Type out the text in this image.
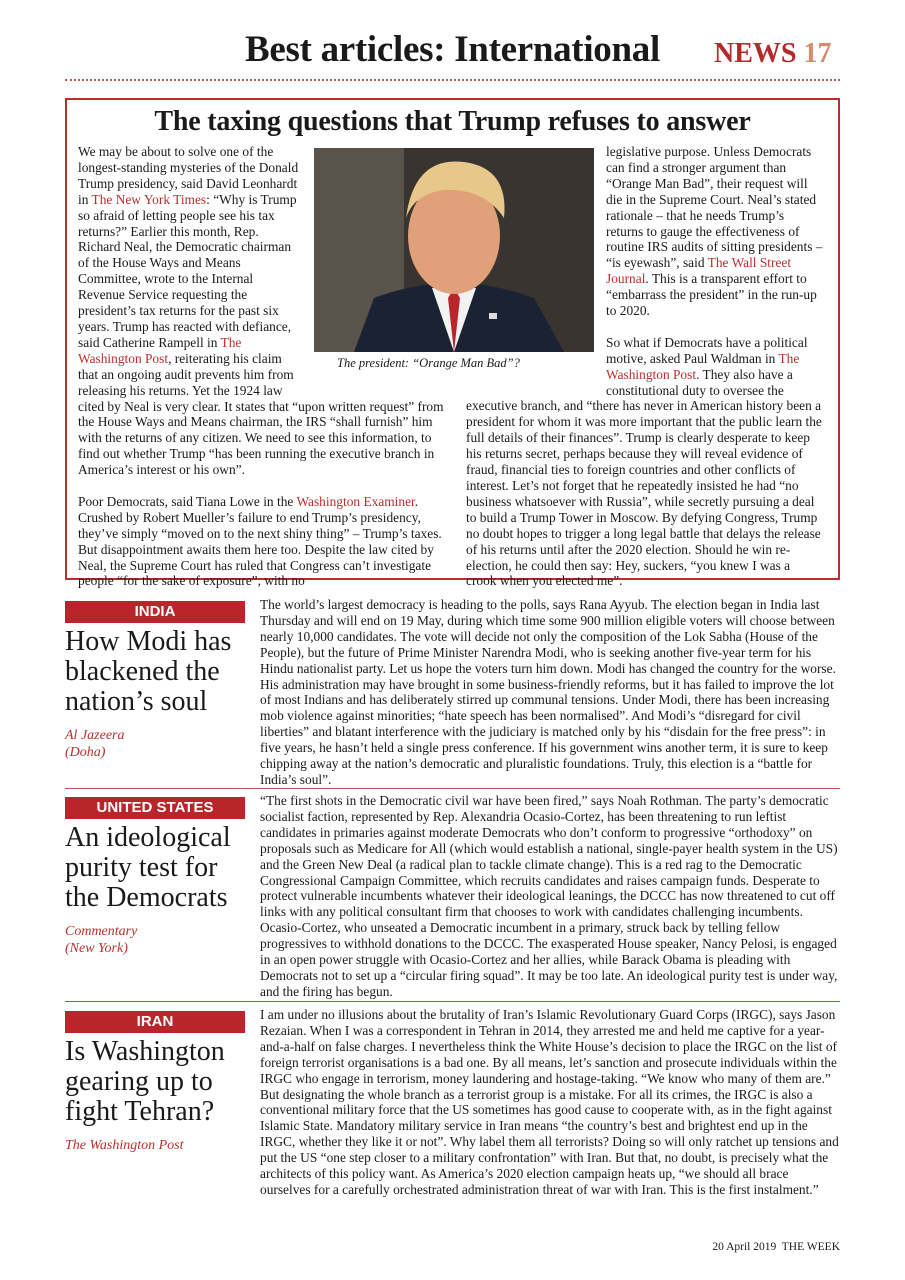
Best articles: International NEWS 17
The taxing questions that Trump refuses to answer

We may be about to solve one of the longest-standing mysteries of the Donald Trump presidency, said David Leonhardt in The New York Times: “Why is Trump so afraid of letting people see his tax returns?” Earlier this month, Rep. Richard Neal, the Democratic chairman of the House Ways and Means Committee, wrote to the Internal Revenue Service requesting the president’s tax returns for the past six years. Trump has reacted with defiance, said Catherine Rampell in The Washington Post, reiterating his claim that an ongoing audit prevents him from releasing his returns. Yet the 1924 law cited by Neal is very clear. It states that “upon written request” from the House Ways and Means chairman, the IRS “shall furnish” him with the returns of any citizen. We need to see this information, to find out whether Trump “has been running the executive branch in America’s interest or his own”.

Poor Democrats, said Tiana Lowe in the Washington Examiner. Crushed by Robert Mueller’s failure to end Trump’s presidency, they’ve simply “moved on to the next shiny thing” – Trump’s taxes. But disappointment awaits them here too. Despite the law cited by Neal, the Supreme Court has ruled that Congress can’t investigate people “for the sake of exposure”, with no

legislative purpose. Unless Democrats can find a stronger argument than “Orange Man Bad”, their request will die in the Supreme Court. Neal’s stated rationale – that he needs Trump’s returns to gauge the effectiveness of routine IRS audits of sitting presidents – “is eyewash”, said The Wall Street Journal. This is a transparent effort to “embarrass the president” in the run-up to 2020.

So what if Democrats have a political motive, asked Paul Waldman in The Washington Post. They also have a constitutional duty to oversee the executive branch, and “there has never in American history been a president for whom it was more important that the public learn the full details of their finances”. Trump is clearly desperate to keep his returns secret, perhaps because they will reveal evidence of fraud, financial ties to foreign countries and other conflicts of interest. Let’s not forget that he repeatedly insisted he had “no business whatsoever with Russia”, while secretly pursuing a deal to build a Trump Tower in Moscow. By defying Congress, Trump no doubt hopes to trigger a long legal battle that delays the release of his returns until after the 2020 election. Should he win re-election, he could then say: Hey, suckers, “you knew I was a crook when you elected me”.

The president: “Orange Man Bad”?
INDIA
How Modi has blackened the nation’s soul
Al Jazeera (Doha)
The world’s largest democracy is heading to the polls, says Rana Ayyub. The election began in India last Thursday and will end on 19 May, during which time some 900 million eligible voters will choose between nearly 10,000 candidates. The vote will decide not only the composition of the Lok Sabha (House of the People), but the future of Prime Minister Narendra Modi, who is seeking another five-year term for his Hindu nationalist party. Let us hope the voters turn him down. Modi has changed the country for the worse. His administration may have brought in some business-friendly reforms, but it has failed to improve the lot of most Indians and has deliberately stirred up communal tensions. Under Modi, there has been increasing mob violence against minorities; “hate speech has been normalised”. And Modi’s “disregard for civil liberties” and blatant interference with the judiciary is matched only by his “disdain for the free press”: in five years, he hasn’t held a single press conference. If his government wins another term, it is sure to keep chipping away at the nation’s democratic and pluralistic foundations. Truly, this election is a “battle for India’s soul”.
UNITED STATES
An ideological purity test for the Democrats
Commentary (New York)
“The first shots in the Democratic civil war have been fired,” says Noah Rothman. The party’s democratic socialist faction, represented by Rep. Alexandria Ocasio-Cortez, has been threatening to run leftist candidates in primaries against moderate Democrats who don’t conform to progressive “orthodoxy” on proposals such as Medicare for All (which would establish a national, single-payer health system in the US) and the Green New Deal (a radical plan to tackle climate change). This is a red rag to the Democratic Congressional Campaign Committee, which recruits candidates and raises campaign funds. Desperate to protect vulnerable incumbents whatever their ideological leanings, the DCCC has now threatened to cut off links with any political consultant firm that chooses to work with candidates challenging incumbents. Ocasio-Cortez, who unseated a Democratic incumbent in a primary, struck back by telling fellow progressives to withhold donations to the DCCC. The exasperated House speaker, Nancy Pelosi, is engaged in an open power struggle with Ocasio-Cortez and her allies, while Barack Obama is pleading with Democrats not to set up a “circular firing squad”. It may be too late. An ideological purity test is under way, and the firing has begun.
IRAN
Is Washington gearing up to fight Tehran?
The Washington Post
I am under no illusions about the brutality of Iran’s Islamic Revolutionary Guard Corps (IRGC), says Jason Rezaian. When I was a correspondent in Tehran in 2014, they arrested me and held me captive for a year-and-a-half on false charges. I nevertheless think the White House’s decision to place the IRGC on the list of foreign terrorist organisations is a bad one. By all means, let’s sanction and prosecute individuals within the IRGC who engage in terrorism, money laundering and hostage-taking. “We know who many of them are.” But designating the whole branch as a terrorist group is a mistake. For all its crimes, the IRGC is also a conventional military force that the US sometimes has good cause to cooperate with, as in the fight against Islamic State. Mandatory military service in Iran means “the country’s best and brightest end up in the IRGC, whether they like it or not”. Why label them all terrorists? Doing so will only ratchet up tensions and put the US “one step closer to a military confrontation” with Iran. But that, no doubt, is precisely what the architects of this policy want. As America’s 2020 election campaign heats up, “we should all brace ourselves for a carefully orchestrated administration threat of war with Iran. This is the first instalment.”
20 April 2019 THE WEEK
